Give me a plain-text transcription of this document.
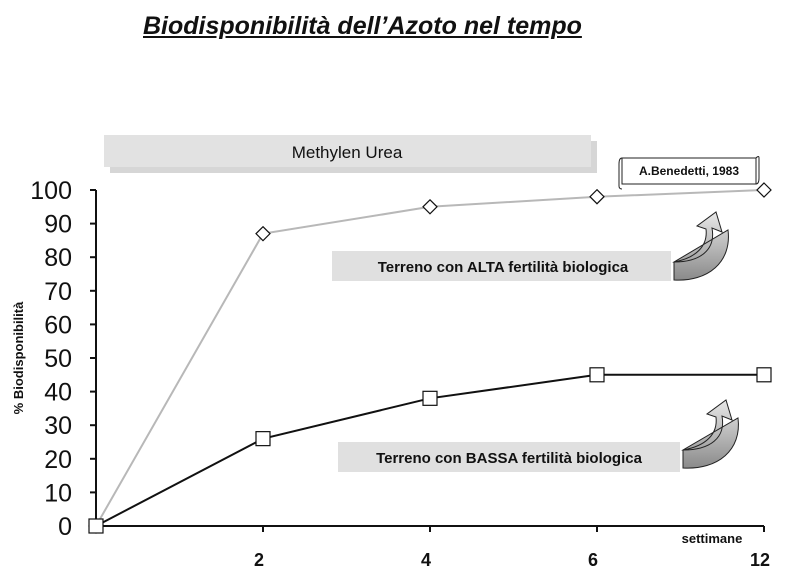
Biodisponibilità dell’Azoto nel tempo
Methylen Urea
A.Benedetti, 1983
0
10
20
30
40
50
60
70
80
90
100
2	4	6	12
% Biodisponibilità
settimane
Terreno con ALTA fertilità biologica
Terreno con BASSA fertilità biologica
